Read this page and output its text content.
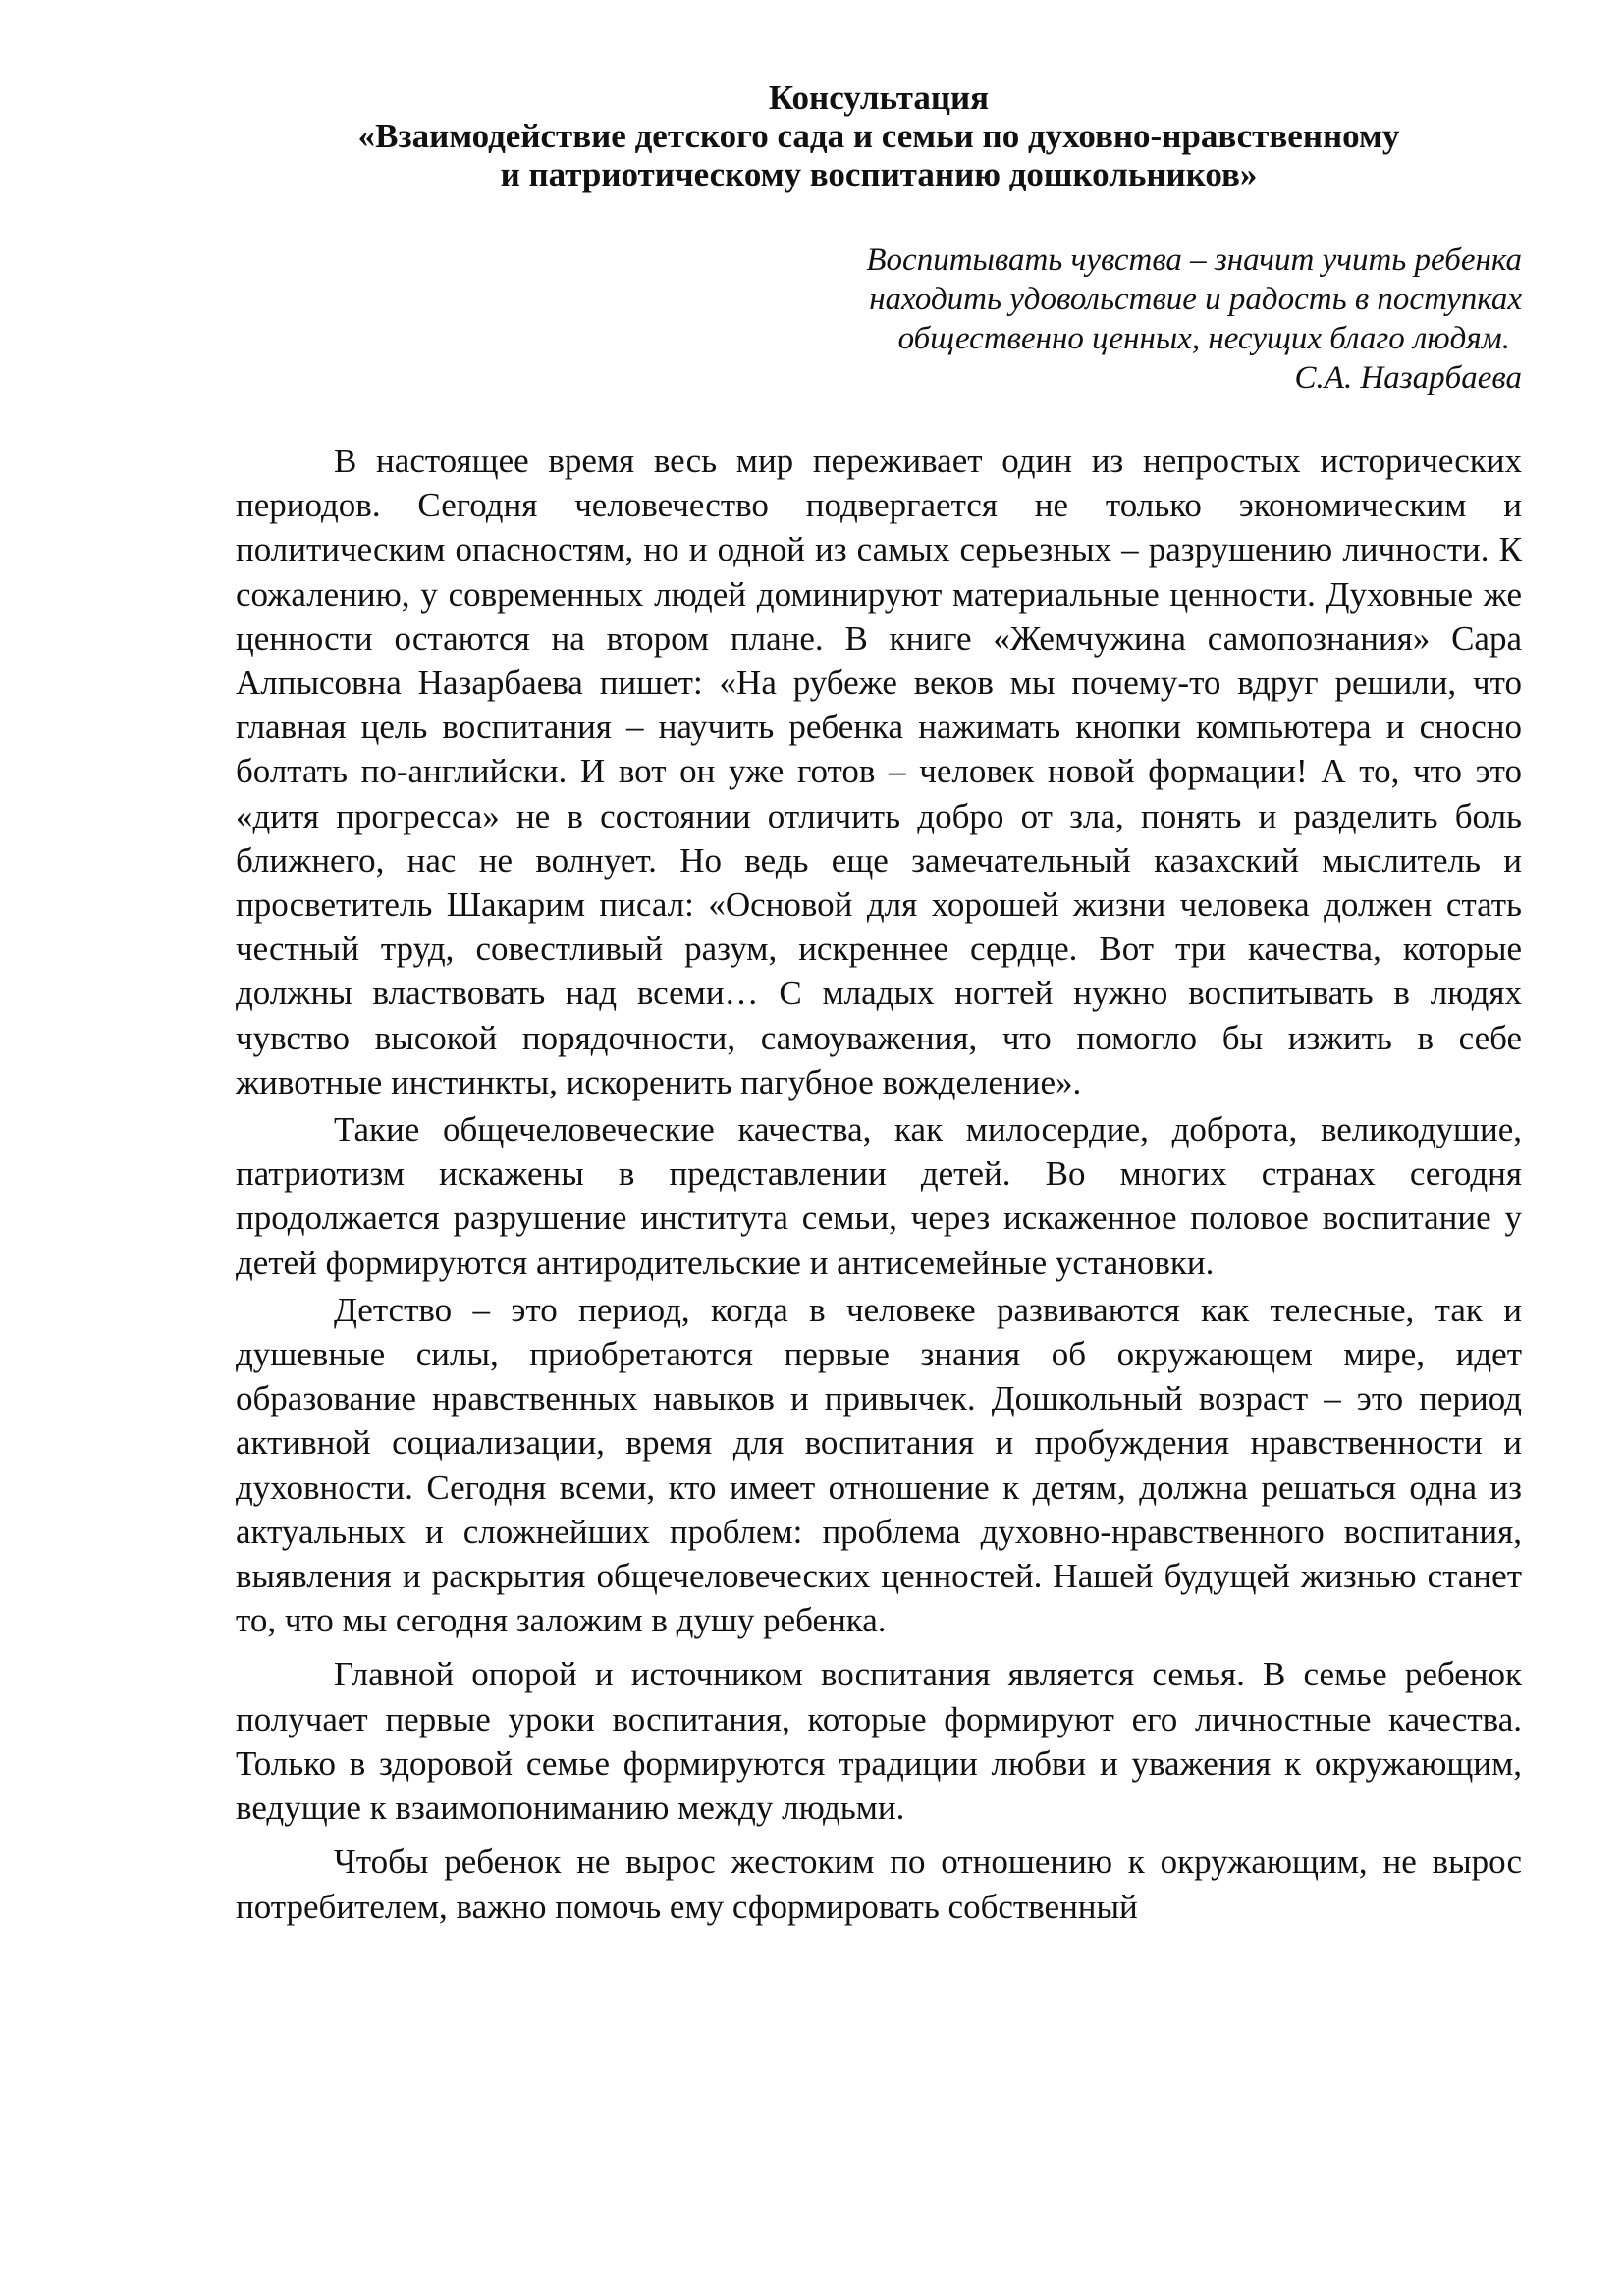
Консультация
«Взаимодействие детского сада и семьи по духовно-нравственному
и патриотическому воспитанию дошкольников»
Воспитывать чувства – значит учить ребенка
находить удовольствие и радость в поступках
общественно ценных, несущих благо людям.
С.А. Назарбаева

В настоящее время весь мир переживает один из непростых исторических периодов. Сегодня человечество подвергается не только экономическим и политическим опасностям, но и одной из самых серьезных – разрушению личности. К сожалению, у современных людей доминируют материальные ценности. Духовные же ценности остаются на втором плане. В книге «Жемчужина самопознания» Сара Алпысовна Назарбаева пишет: «На рубеже веков мы почему-то вдруг решили, что главная цель воспитания – научить ребенка нажимать кнопки компьютера и сносно болтать по-английски. И вот он уже готов – человек новой формации! А то, что это «дитя прогресса» не в состоянии отличить добро от зла, понять и разделить боль ближнего, нас не волнует. Но ведь еще замечательный казахский мыслитель и просветитель Шакарим писал: «Основой для хорошей жизни человека должен стать честный труд, совестливый разум, искреннее сердце. Вот три качества, которые должны властвовать над всеми… С младых ногтей нужно воспитывать в людях чувство высокой порядочности, самоуважения, что помогло бы изжить в себе животные инстинкты, искоренить пагубное вожделение».

Такие общечеловеческие качества, как милосердие, доброта, великодушие, патриотизм искажены в представлении детей. Во многих странах сегодня продолжается разрушение института семьи, через искаженное половое воспитание у детей формируются антиродительские и антисемейные установки.

Детство – это период, когда в человеке развиваются как телесные, так и душевные силы, приобретаются первые знания об окружающем мире, идет образование нравственных навыков и привычек. Дошкольный возраст – это период активной социализации, время для воспитания и пробуждения нравственности и духовности. Сегодня всеми, кто имеет отношение к детям, должна решаться одна из актуальных и сложнейших проблем: проблема духовно-нравственного воспитания, выявления и раскрытия общечеловеческих ценностей. Нашей будущей жизнью станет то, что мы сегодня заложим в душу ребенка.

Главной опорой и источником воспитания является семья. В семье ребенок получает первые уроки воспитания, которые формируют его личностные качества. Только в здоровой семье формируются традиции любви и уважения к окружающим, ведущие к взаимопониманию между людьми.

Чтобы ребенок не вырос жестоким по отношению к окружающим, не вырос потребителем, важно помочь ему сформировать собственный
